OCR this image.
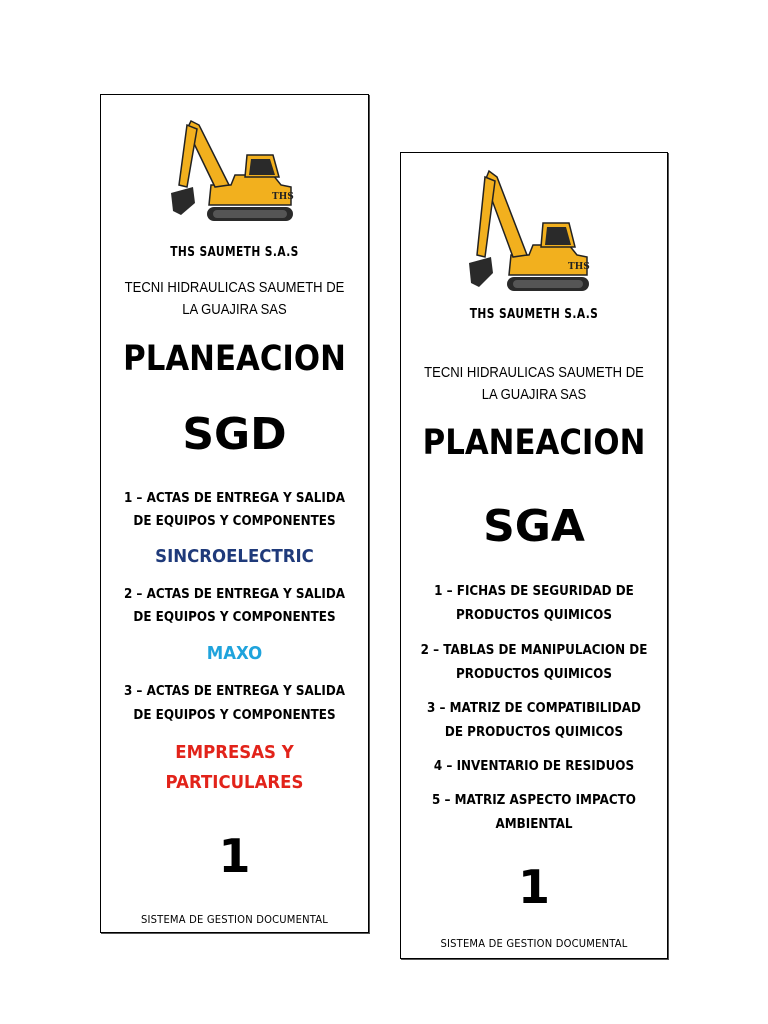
THS
THS SAUMETH S.A.S
TECNI HIDRAULICAS SAUMETH DE
LA GUAJIRA SAS
PLANEACION
SGD
1 – ACTAS DE ENTREGA Y SALIDA
DE EQUIPOS Y COMPONENTES
SINCROELECTRIC
2 – ACTAS DE ENTREGA Y SALIDA
DE EQUIPOS Y COMPONENTES
MAXO
3 – ACTAS DE ENTREGA Y SALIDA
DE EQUIPOS Y COMPONENTES
EMPRESAS Y
PARTICULARES
1
SISTEMA DE GESTION DOCUMENTAL
THS
THS SAUMETH S.A.S
TECNI HIDRAULICAS SAUMETH DE
LA GUAJIRA SAS
PLANEACION
SGA
1 – FICHAS DE SEGURIDAD DE
PRODUCTOS QUIMICOS
2 – TABLAS DE MANIPULACION DE
PRODUCTOS QUIMICOS
3 – MATRIZ DE COMPATIBILIDAD
DE PRODUCTOS QUIMICOS
4 – INVENTARIO DE RESIDUOS
5 – MATRIZ ASPECTO IMPACTO
AMBIENTAL
1
SISTEMA DE GESTION DOCUMENTAL
